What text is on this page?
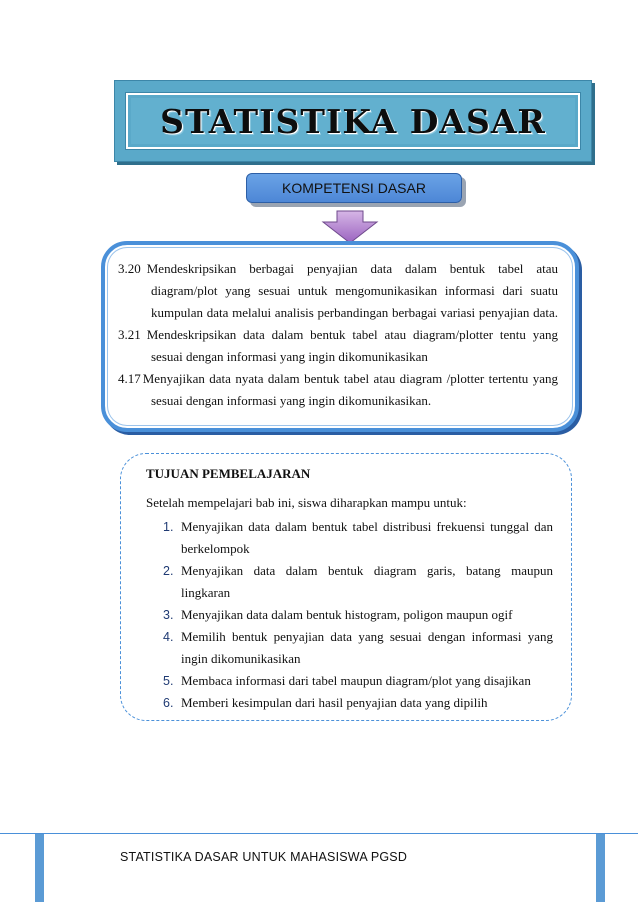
STATISTIKA DASAR
KOMPETENSI DASAR
3.20 Mendeskripsikan berbagai penyajian data dalam bentuk tabel atau
diagram/plot yang sesuai untuk mengomunikasikan informasi dari suatu
kumpulan data melalui analisis perbandingan berbagai variasi penyajian data.
3.21 Mendeskripsikan data dalam bentuk tabel atau diagram/plotter tentu yang
sesuai dengan informasi yang ingin dikomunikasikan
4.17 Menyajikan data nyata dalam bentuk tabel atau diagram /plotter tertentu yang
sesuai dengan informasi yang ingin dikomunikasikan.
TUJUAN PEMBELAJARAN
Setelah mempelajari bab ini, siswa diharapkan mampu untuk:
1. Menyajikan data dalam bentuk tabel distribusi frekuensi tunggal dan
berkelompok
2. Menyajikan data dalam bentuk diagram garis, batang maupun lingkaran
3. Menyajikan data dalam bentuk histogram, poligon maupun ogif
4. Memilih bentuk penyajian data yang sesuai dengan informasi yang
ingin dikomunikasikan
5. Membaca informasi dari tabel maupun diagram/plot yang disajikan
6. Memberi kesimpulan dari hasil penyajian data yang dipilih
STATISTIKA DASAR UNTUK MAHASISWA PGSD
